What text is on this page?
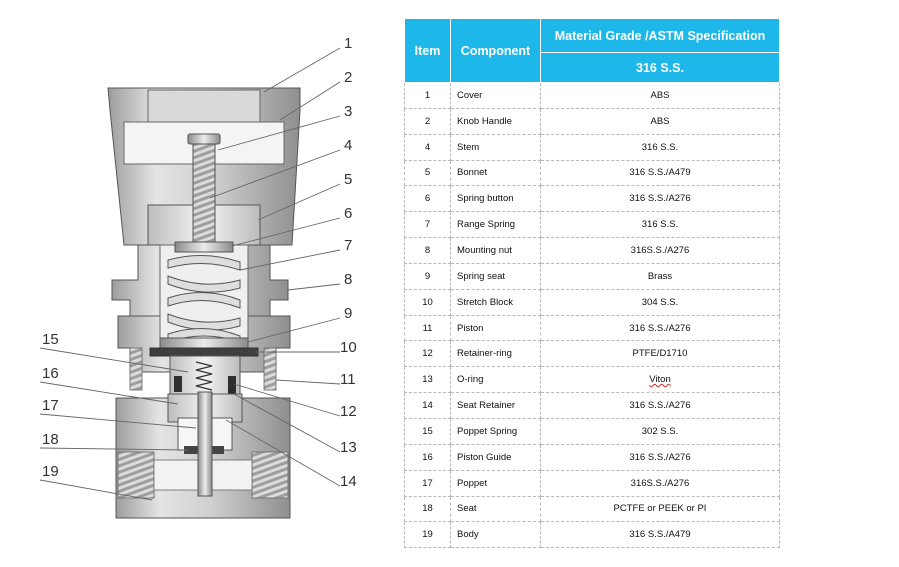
1
2
3
4
5
6
7
8
9
10
11
12
13
14
15
16
17
18
19
Item	Component	Material Grade /ASTM Specification
		316 S.S.
1	Cover	ABS
2	Knob Handle	ABS
4	Stem	316 S.S.
5	Bonnet	316 S.S./A479
6	Spring button	316 S.S./A276
7	Range Spring	316 S.S.
8	Mounting nut	316S.S./A276
9	Spring seat	Brass
10	Stretch Block	304 S.S.
11	Piston	316 S.S./A276
12	Retainer-ring	PTFE/D1710
13	O-ring	Viton
14	Seat Retainer	316 S.S./A276
15	Poppet Spring	302 S.S.
16	Piston Guide	316 S.S./A276
17	Poppet	316S.S./A276
18	Seat	PCTFE or PEEK or PI
19	Body	316 S.S./A479
